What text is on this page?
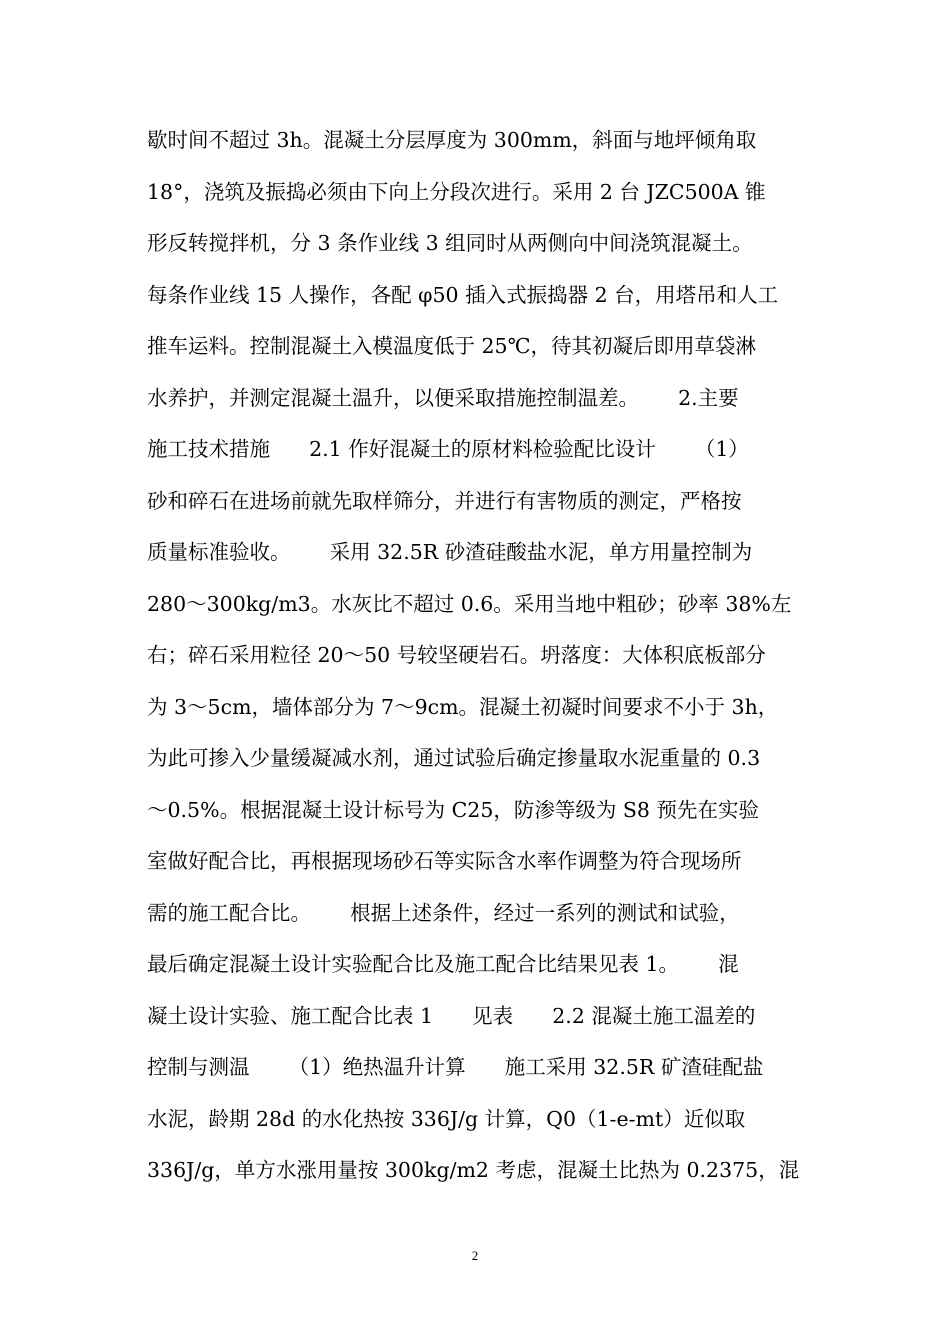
歇时间不超过 3h。混凝土分层厚度为 300mm，斜面与地坪倾角取
18°，浇筑及振捣必须由下向上分段次进行。采用 2 台 JZC500A 锥
形反转搅拌机，分 3 条作业线 3 组同时从两侧向中间浇筑混凝土。
每条作业线 15 人操作，各配 φ50 插入式振捣器 2 台，用塔吊和人工
推车运料。控制混凝土入模温度低于 25℃，待其初凝后即用草袋淋
水养护，并测定混凝土温升，以便采取措施控制温差。      2.主要
施工技术措施      2.1 作好混凝土的原材料检验配比设计      （1）
砂和碎石在进场前就先取样筛分，并进行有害物质的测定，严格按
质量标准验收。      采用 32.5R 砂渣硅酸盐水泥，单方用量控制为
280～300kg/m3。水灰比不超过 0.6。采用当地中粗砂；砂率 38%左
右；碎石采用粒径 20～50 号较坚硬岩石。坍落度：大体积底板部分
为 3～5cm，墙体部分为 7～9cm。混凝土初凝时间要求不小于 3h，
为此可掺入少量缓凝减水剂，通过试验后确定掺量取水泥重量的 0.3
～0.5%。根据混凝土设计标号为 C25，防渗等级为 S8 预先在实验
室做好配合比，再根据现场砂石等实际含水率作调整为符合现场所
需的施工配合比。      根据上述条件，经过一系列的测试和试验，
最后确定混凝土设计实验配合比及施工配合比结果见表 1。      混
凝土设计实验、施工配合比表 1      见表      2.2 混凝土施工温差的
控制与测温      （1）绝热温升计算      施工采用 32.5R 矿渣硅配盐
水泥，龄期 28d 的水化热按 336J/g 计算，Q0（1-e-mt）近似取
336J/g，单方水涨用量按 300kg/m2 考虑，混凝土比热为 0.2375，混
2
